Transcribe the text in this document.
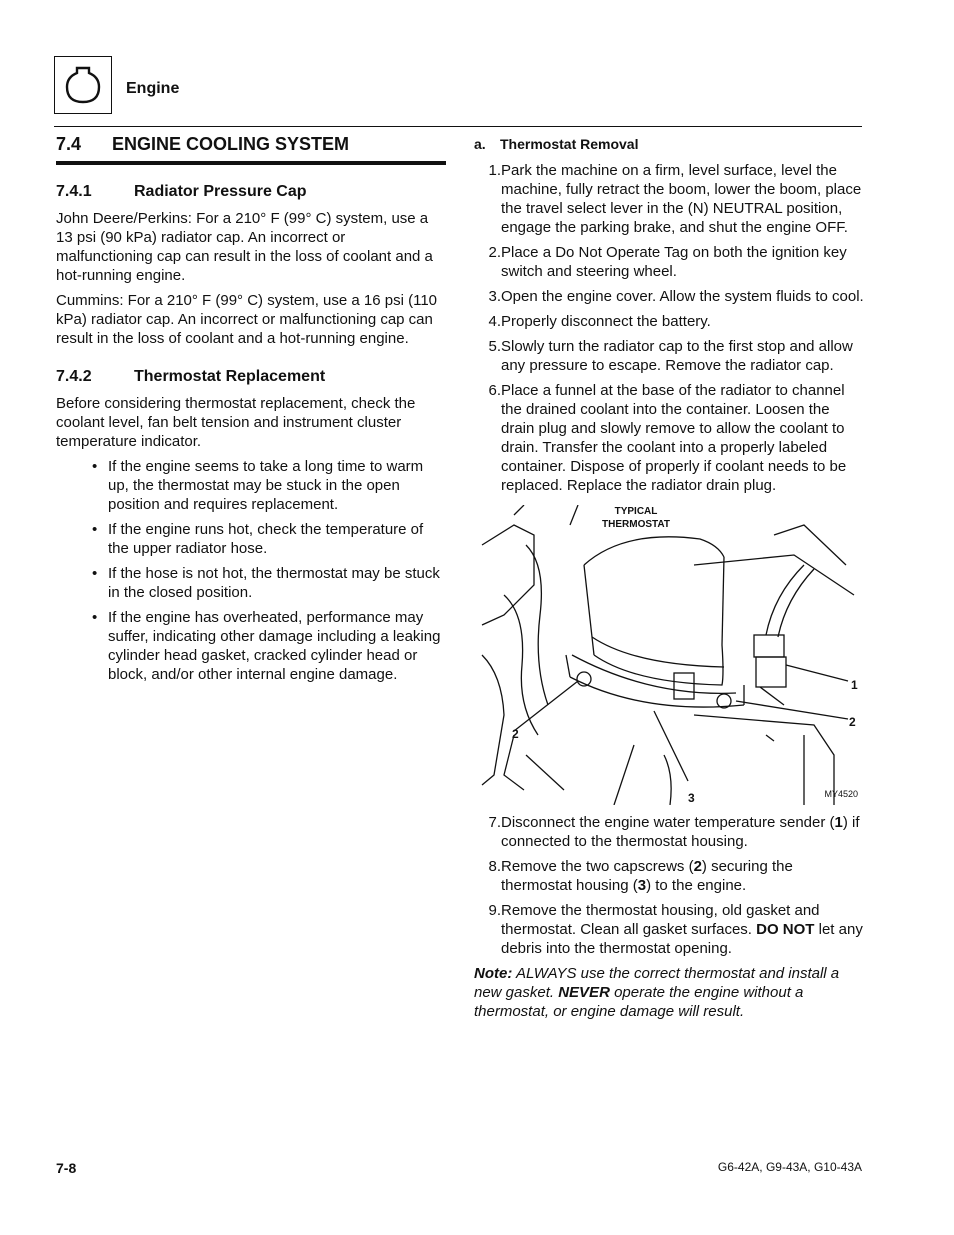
Engine
7.4	ENGINE COOLING SYSTEM
7.4.1	Radiator Pressure Cap

John Deere/Perkins: For a 210° F (99° C) system, use a 13 psi (90 kPa) radiator cap. An incorrect or malfunctioning cap can result in the loss of coolant and a hot-running engine.

Cummins: For a 210° F (99° C) system, use a 16 psi (110 kPa) radiator cap. An incorrect or malfunctioning cap can result in the loss of coolant and a hot-running engine.

7.4.2	Thermostat Replacement

Before considering thermostat replacement, check the coolant level, fan belt tension and instrument cluster temperature indicator.

• If the engine seems to take a long time to warm up, the thermostat may be stuck in the open position and requires replacement.
• If the engine runs hot, check the temperature of the upper radiator hose.
• If the hose is not hot, the thermostat may be stuck in the closed position.
• If the engine has overheated, performance may suffer, indicating other damage including a leaking cylinder head gasket, cracked cylinder head or block, and/or other internal engine damage.
a.	Thermostat Removal
1. Park the machine on a firm, level surface, level the machine, fully retract the boom, lower the boom, place the travel select lever in the (N) NEUTRAL position, engage the parking brake, and shut the engine OFF.
2. Place a Do Not Operate Tag on both the ignition key switch and steering wheel.
3. Open the engine cover. Allow the system fluids to cool.
4. Properly disconnect the battery.
5. Slowly turn the radiator cap to the first stop and allow any pressure to escape. Remove the radiator cap.
6. Place a funnel at the base of the radiator to channel the drained coolant into the container. Loosen the drain plug and slowly remove to allow the coolant to drain. Transfer the coolant into a properly labeled container. Dispose of properly if coolant needs to be replaced. Replace the radiator drain plug.
TYPICAL
THERMOSTAT
1
2
2
3	MY4520
7. Disconnect the engine water temperature sender (1) if connected to the thermostat housing.
8. Remove the two capscrews (2) securing the thermostat housing (3) to the engine.
9. Remove the thermostat housing, old gasket and thermostat. Clean all gasket surfaces. DO NOT let any debris into the thermostat opening.

Note: ALWAYS use the correct thermostat and install a new gasket. NEVER operate the engine without a thermostat, or engine damage will result.

7-8	G6-42A, G9-43A, G10-43A
